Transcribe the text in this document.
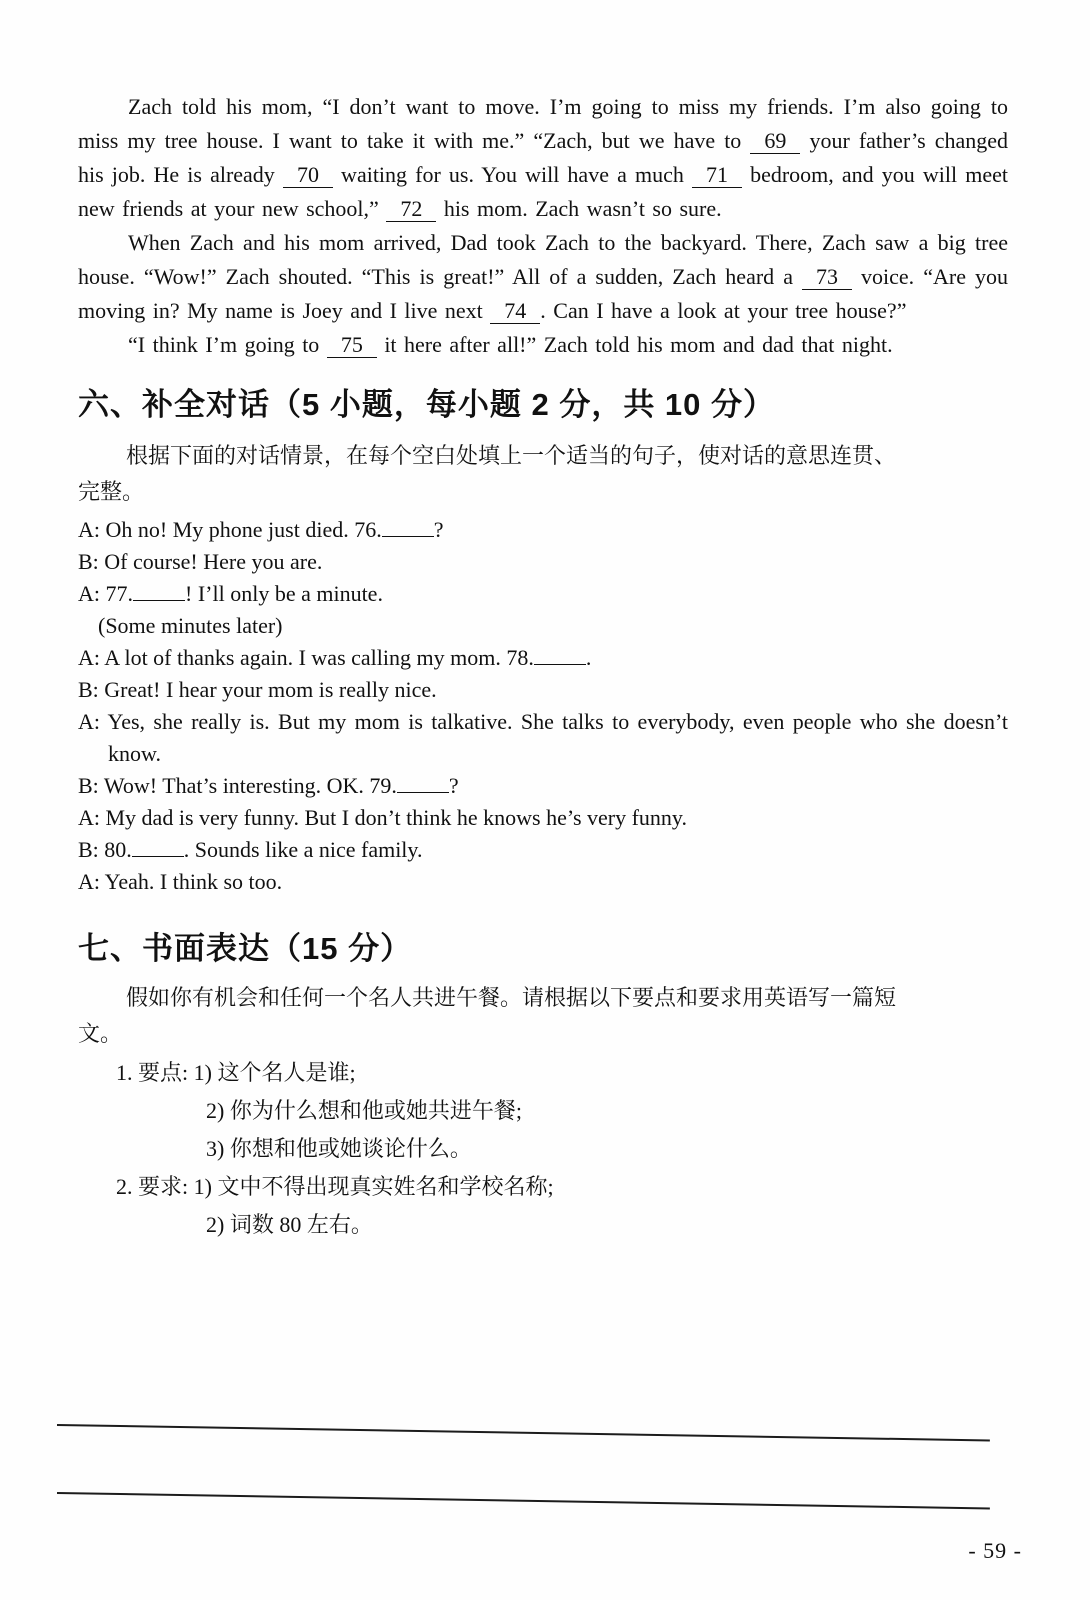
Zach told his mom, “I don’t want to move. I’m going to miss my friends. I’m also going to miss my tree house. I want to take it with me.” “Zach, but we have to 69 your father’s changed his job. He is already 70 waiting for us. You will have a much 71 bedroom, and you will meet new friends at your new school,” 72 his mom. Zach wasn’t so sure.

When Zach and his mom arrived, Dad took Zach to the backyard. There, Zach saw a big tree house. “Wow!” Zach shouted. “This is great!” All of a sudden, Zach heard a 73 voice. “Are you moving in? My name is Joey and I live next 74 . Can I have a look at your tree house?”

“I think I’m going to 75 it here after all!” Zach told his mom and dad that night.

六、补全对话（5 小题，每小题 2 分，共 10 分）
根据下面的对话情景，在每个空白处填上一个适当的句子，使对话的意思连贯、
完整。
A: Oh no! My phone just died. 76. ?
B: Of course! Here you are.
A: 77. ! I’ll only be a minute.
(Some minutes later)
A: A lot of thanks again. I was calling my mom. 78. .
B: Great! I hear your mom is really nice.
A: Yes, she really is. But my mom is talkative. She talks to everybody, even people who she doesn’t know.
B: Wow! That’s interesting. OK. 79. ?
A: My dad is very funny. But I don’t think he knows he’s very funny.
B: 80. . Sounds like a nice family.
A: Yeah. I think so too.
七、书面表达（15 分）
假如你有机会和任何一个名人共进午餐。请根据以下要点和要求用英语写一篇短
文。
1. 要点: 1) 这个名人是谁;
2) 你为什么想和他或她共进午餐;
3) 你想和他或她谈论什么。
2. 要求: 1) 文中不得出现真实姓名和学校名称;
2) 词数 80 左右。
- 59 -
